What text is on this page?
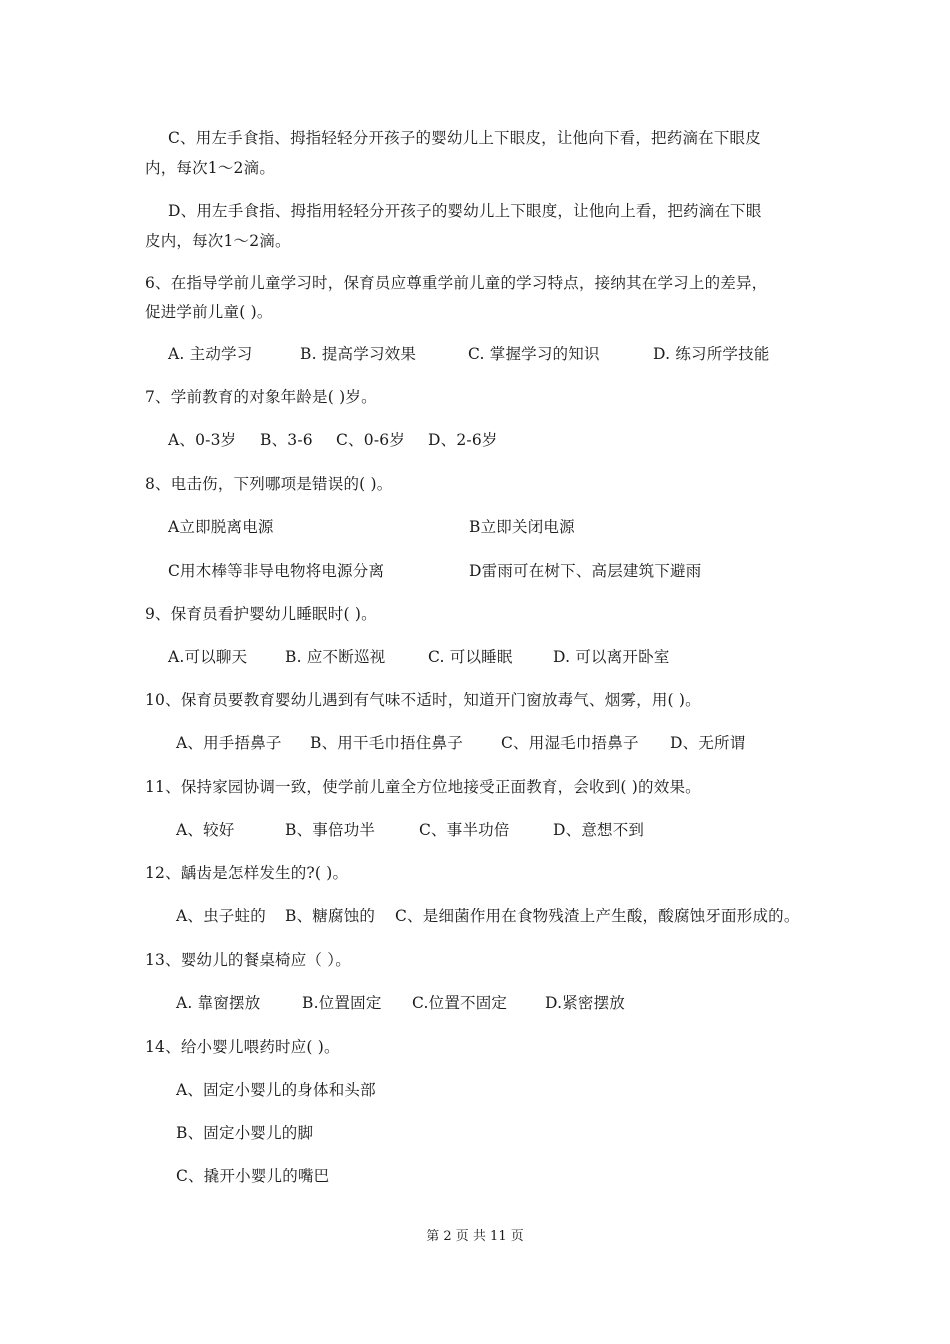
C、用左手食指、拇指轻轻分开孩子的婴幼儿上下眼皮，让他向下看，把药滴在下眼皮
内，每次1～2滴。
D、用左手食指、拇指用轻轻分开孩子的婴幼儿上下眼度，让他向上看，把药滴在下眼
皮内，每次1～2滴。
6、在指导学前儿童学习时，保育员应尊重学前儿童的学习特点，接纳其在学习上的差异，
促进学前儿童( )。
A. 主动学习	B. 提高学习效果	C. 掌握学习的知识	D. 练习所学技能
7、学前教育的对象年龄是( )岁。
A、0-3岁 B、3-6 C、0-6岁 D、2-6岁
8、电击伤，下列哪项是错误的( )。
A立即脱离电源	B立即关闭电源
C用木棒等非导电物将电源分离	D雷雨可在树下、高层建筑下避雨
9、保育员看护婴幼儿睡眠时( )。
A.可以聊天 B. 应不断巡视	C. 可以睡眠	D. 可以离开卧室
10、保育员要教育婴幼儿遇到有气味不适时，知道开门窗放毒气、烟雾，用( )。
A、用手捂鼻子 B、用干毛巾捂住鼻子 C、用湿毛巾捂鼻子 D、无所谓
11、保持家园协调一致，使学前儿童全方位地接受正面教育，会收到( )的效果。
A、较好	B、事倍功半	C、事半功倍	D、意想不到
12、龋齿是怎样发生的?( )。
A、虫子蛀的 B、糖腐蚀的 C、是细菌作用在食物残渣上产生酸，酸腐蚀牙面形成的。
13、婴幼儿的餐桌椅应（ ）。
A. 靠窗摆放	B.位置固定 C.位置不固定 D.紧密摆放
14、给小婴儿喂药时应( )。
A、固定小婴儿的身体和头部
B、固定小婴儿的脚
C、撬开小婴儿的嘴巴
第 2 页 共 11 页
